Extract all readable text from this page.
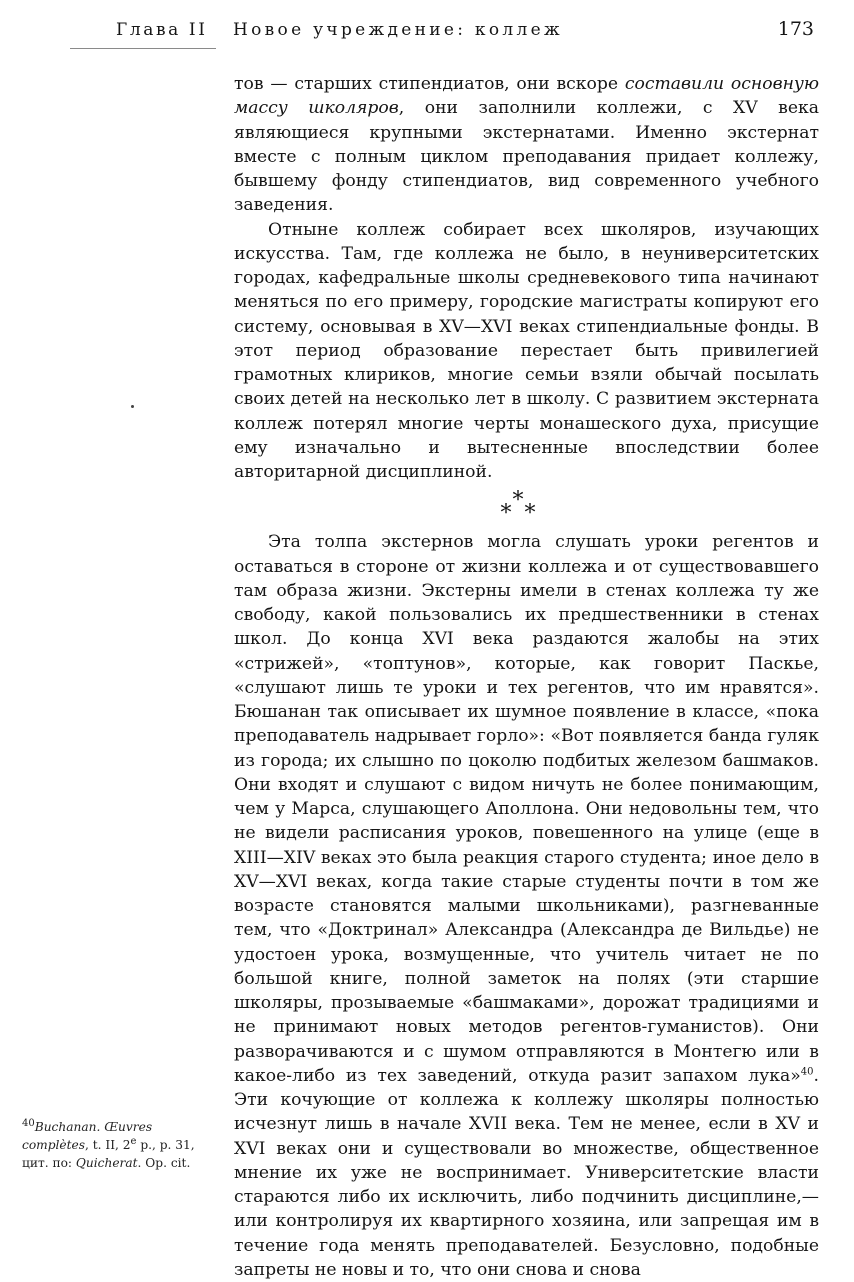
Глава II Новое учреждение: коллеж	173

тов — старших стипендиатов, они вскоре составили основную массу школяров, они заполнили коллежи, с XV века являющиеся крупными экстернатами. Именно экстернат вместе с полным циклом преподавания придает коллежу, бывшему фонду стипендиатов, вид современного учебного заведения.

Отныне коллеж собирает всех школяров, изучающих искусства. Там, где коллежа не было, в неуниверситетских городах, кафедральные школы средневекового типа начинают меняться по его примеру, городские магистраты копируют его систему, основывая в XV—XVI веках стипендиальные фонды. В этот период образование перестает быть привилегией грамотных клириков, многие семьи взяли обычай посылать своих детей на несколько лет в школу. С развитием экстерната коллеж потерял многие черты монашеского духа, присущие ему изначально и вытесненные впоследствии более авторитарной дисциплиной.

*
* *

Эта толпа экстернов могла слушать уроки регентов и оставаться в стороне от жизни коллежа и от существовавшего там образа жизни. Экстерны имели в стенах коллежа ту же свободу, какой пользовались их предшественники в стенах школ. До конца XVI века раздаются жалобы на этих «стрижей», «топтунов», которые, как говорит Паскье, «слушают лишь те уроки и тех регентов, что им нравятся». Бюшанан так описывает их шумное появление в классе, «пока преподаватель надрывает горло»: «Вот появляется банда гуляк из города; их слышно по цоколю подбитых железом башмаков. Они входят и слушают с видом ничуть не более понимающим, чем у Марса, слушающего Аполлона. Они недовольны тем, что не видели расписания уроков, повешенного на улице (еще в XIII—XIV веках это была реакция старого студента; иное дело в XV—XVI веках, когда такие старые студенты почти в том же возрасте становятся малыми школьниками), разгневанные тем, что «Доктринал» Александра (Александра де Вильдье) не удостоен урока, возмущенные, что учитель читает не по большой книге, полной заметок на полях (эти старшие школяры, прозываемые «башмаками», дорожат традициями и не принимают новых методов регентов-гуманистов). Они разворачиваются и с шумом отправляются в Монтегю или в какое-либо из тех заведений, откуда разит запахом лука»$^{40}$. Эти кочующие от коллежа к коллежу школяры полностью исчезнут лишь в начале XVII века. Тем не менее, если в XV и XVI веках они и существовали во множестве, общественное мнение их уже не воспринимает. Университетские власти стараются либо их исключить, либо подчинить дисциплине,— или контролируя их квартирного хозяина, или запрещая им в течение года менять преподавателей. Безусловно, подобные запреты не новы и то, что они снова и снова

$^{40}$Buchanan. Œuvres complètes, t. II, 2e p., p. 31,
цит. по: Quicherat. Op. cit.
